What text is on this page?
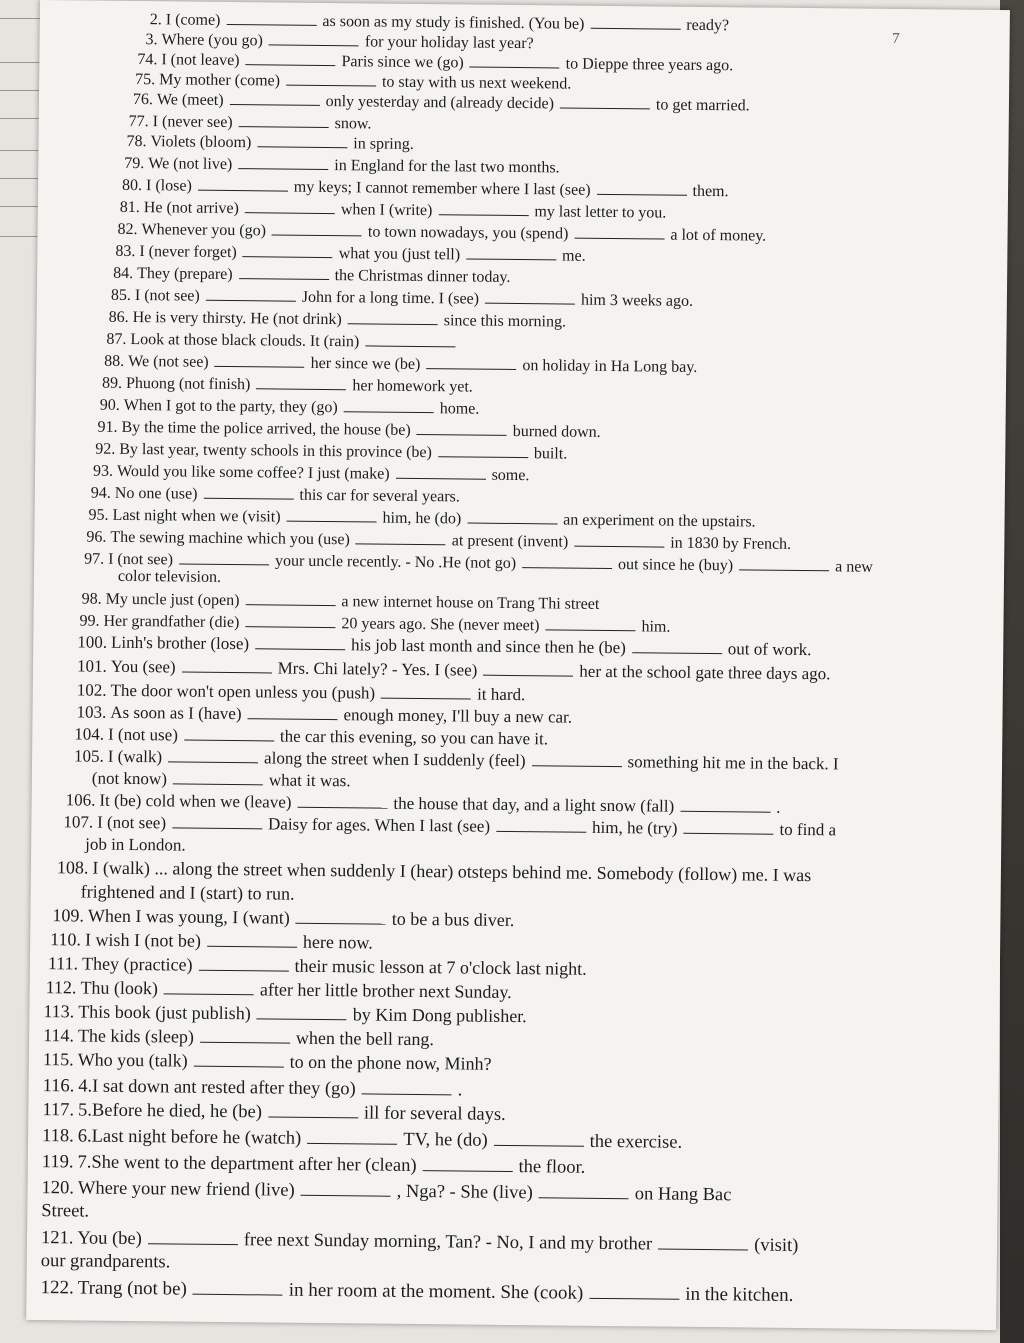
7
2. I (come)	as soon as my study is finished. (You be)	ready?
3. Where (you go)	for your holiday last year?
74. I (not leave)	Paris since we (go)	to Dieppe three years ago.
75. My mother (come)	to stay with us next weekend.
76. We (meet)	only yesterday and (already decide)	to get married.
77. I (never see)	snow.
78. Violets (bloom)	in spring.
79. We (not live)	in England for the last two months.
80. I (lose)	my keys; I cannot remember where I last (see)	them.
81. He (not arrive)	when I (write)	my last letter to you.
82. Whenever you (go)	to town nowadays, you (spend)	a lot of money.
83. I (never forget)	what you (just tell)	me.
84. They (prepare)	the Christmas dinner today.
85. I (not see)	John for a long time. I (see)	him 3 weeks ago.
86. He is very thirsty. He (not drink)	since this morning.
87. Look at those black clouds. It (rain)
88. We (not see)	her since we (be)	on holiday in Ha Long bay.
89. Phuong (not finish)	her homework yet.
90. When I got to the party, they (go)	home.
91. By the time the police arrived, the house (be)	burned down.
92. By last year, twenty schools in this province (be)	built.
93. Would you like some coffee? I just (make)	some.
94. No one (use)	this car for several years.
95. Last night when we (visit)	him, he (do)	an experiment on the upstairs.
96. The sewing machine which you (use)	at present (invent)	in 1830 by French.
97. I (not see)	your uncle recently. - No .He (not go)	out since he (buy)	a new
color television.
98. My uncle just (open)	a new internet house on Trang Thi street
99. Her grandfather (die)	20 years ago. She (never meet)	him.
100. Linh's brother (lose)	his job last month and since then he (be)	out of work.
101. You (see)	Mrs. Chi lately? - Yes. I (see)	her at the school gate three days ago.
102. The door won't open unless you (push)	it hard.
103. As soon as I (have)	enough money, I'll buy a new car.
104. I (not use)	the car this evening, so you can have it.
105. I (walk)	along the street when I suddenly (feel)	something hit me in the back. I
(not know)	what it was.
106. It (be) cold when we (leave)	the house that day, and a light snow (fall)	.
107. I (not see)	Daisy for ages. When I last (see)	him, he (try)	to find a
job in London.
108. I (walk) ... along the street when suddenly I (hear) otsteps behind me. Somebody (follow) me. I was
frightened and I (start) to run.
109. When I was young, I (want)	to be a bus diver.
110. I wish I (not be)	here now.
111. They (practice)	their music lesson at 7 o'clock last night.
112. Thu (look)	after her little brother next Sunday.
113. This book (just publish)	by Kim Dong publisher.
114. The kids (sleep)	when the bell rang.
115. Who you (talk)	to on the phone now, Minh?
116. 4.I sat down ant rested after they (go)	.
117. 5.Before he died, he (be)	ill for several days.
118. 6.Last night before he (watch)	TV, he (do)	the exercise.
119. 7.She went to the department after her (clean)	the floor.
120. Where your new friend (live)	, Nga? - She (live)	on Hang Bac
Street.
121. You (be)	free next Sunday morning, Tan? - No, I and my brother	(visit)
our grandparents.
122. Trang (not be)	in her room at the moment. She (cook)	in the kitchen.
